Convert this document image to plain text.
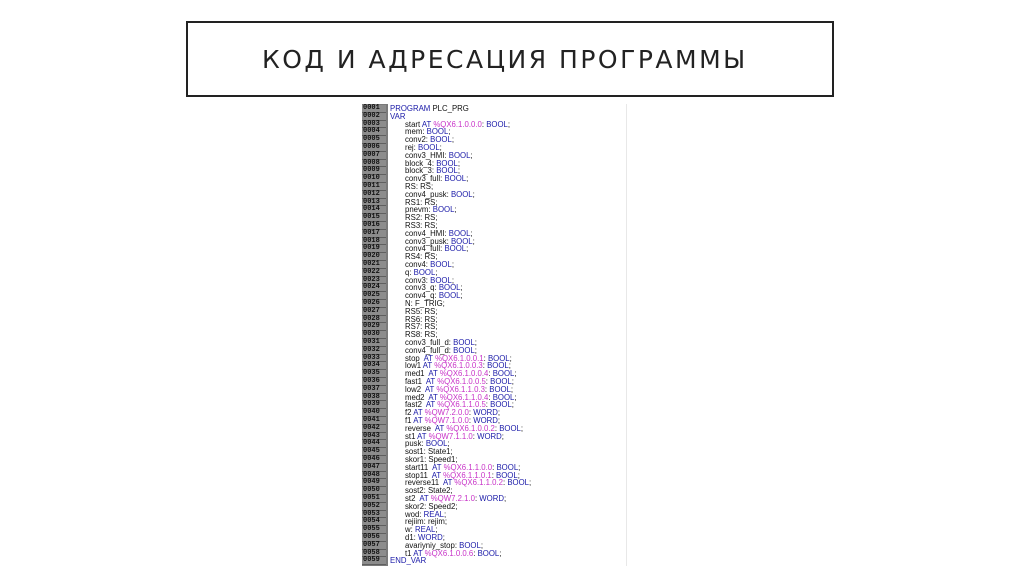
КОД И АДРЕСАЦИЯ ПРОГРАММЫ
0001 PROGRAM PLC_PRG
0002 VAR
0003	start AT %QX6.1.0.0.0: BOOL;
0004	mem: BOOL;
0005	conv2: BOOL;
0006	rej: BOOL;
0007	conv3_HMI: BOOL;
0008	block_4: BOOL;
0009	block_3: BOOL;
0010	conv3_full: BOOL;
0011	RS: RS;
0012	conv4_pusk: BOOL;
0013	RS1: RS;
0014	pnevm: BOOL;
0015	RS2: RS;
0016	RS3: RS;
0017	conv4_HMI: BOOL;
0018	conv3_pusk: BOOL;
0019	conv4_full: BOOL;
0020	RS4: RS;
0021	conv4: BOOL;
0022	q: BOOL;
0023	conv3: BOOL;
0024	conv3_q: BOOL;
0025	conv4_q: BOOL;
0026	N: F_TRIG;
0027	RS5: RS;
0028	RS6: RS;
0029	RS7: RS;
0030	RS8: RS;
0031	conv3_full_d: BOOL;
0032	conv4_full_d: BOOL;
0033	stop  AT %QX6.1.0.0.1: BOOL;
0034	low1 AT %QX6.1.0.0.3: BOOL;
0035	med1  AT %QX6.1.0.0.4: BOOL;
0036	fast1  AT %QX6.1.0.0.5: BOOL;
0037	low2  AT %QX6.1.1.0.3: BOOL;
0038	med2  AT %QX6.1.1.0.4: BOOL;
0039	fast2  AT %QX6.1.1.0.5: BOOL;
0040	f2 AT %QW7.2.0.0: WORD;
0041	f1 AT %QW7.1.0.0: WORD;
0042	reverse  AT %QX6.1.0.0.2: BOOL;
0043	st1 AT %QW7.1.1.0: WORD;
0044	pusk: BOOL;
0045	sost1: State1;
0046	skor1: Speed1;
0047	start11  AT %QX6.1.1.0.0: BOOL;
0048	stop11  AT %QX6.1.1.0.1: BOOL;
0049	reverse11  AT %QX6.1.1.0.2: BOOL;
0050	sost2: State2;
0051	st2  AT %QW7.2.1.0: WORD;
0052	skor2: Speed2;
0053	wod: REAL;
0054	rejiim: rejim;
0055	w: REAL;
0056	d1: WORD;
0057	avariyniy_stop: BOOL;
0058	t1 AT %QX6.1.0.0.6: BOOL;
0059 END_VAR
